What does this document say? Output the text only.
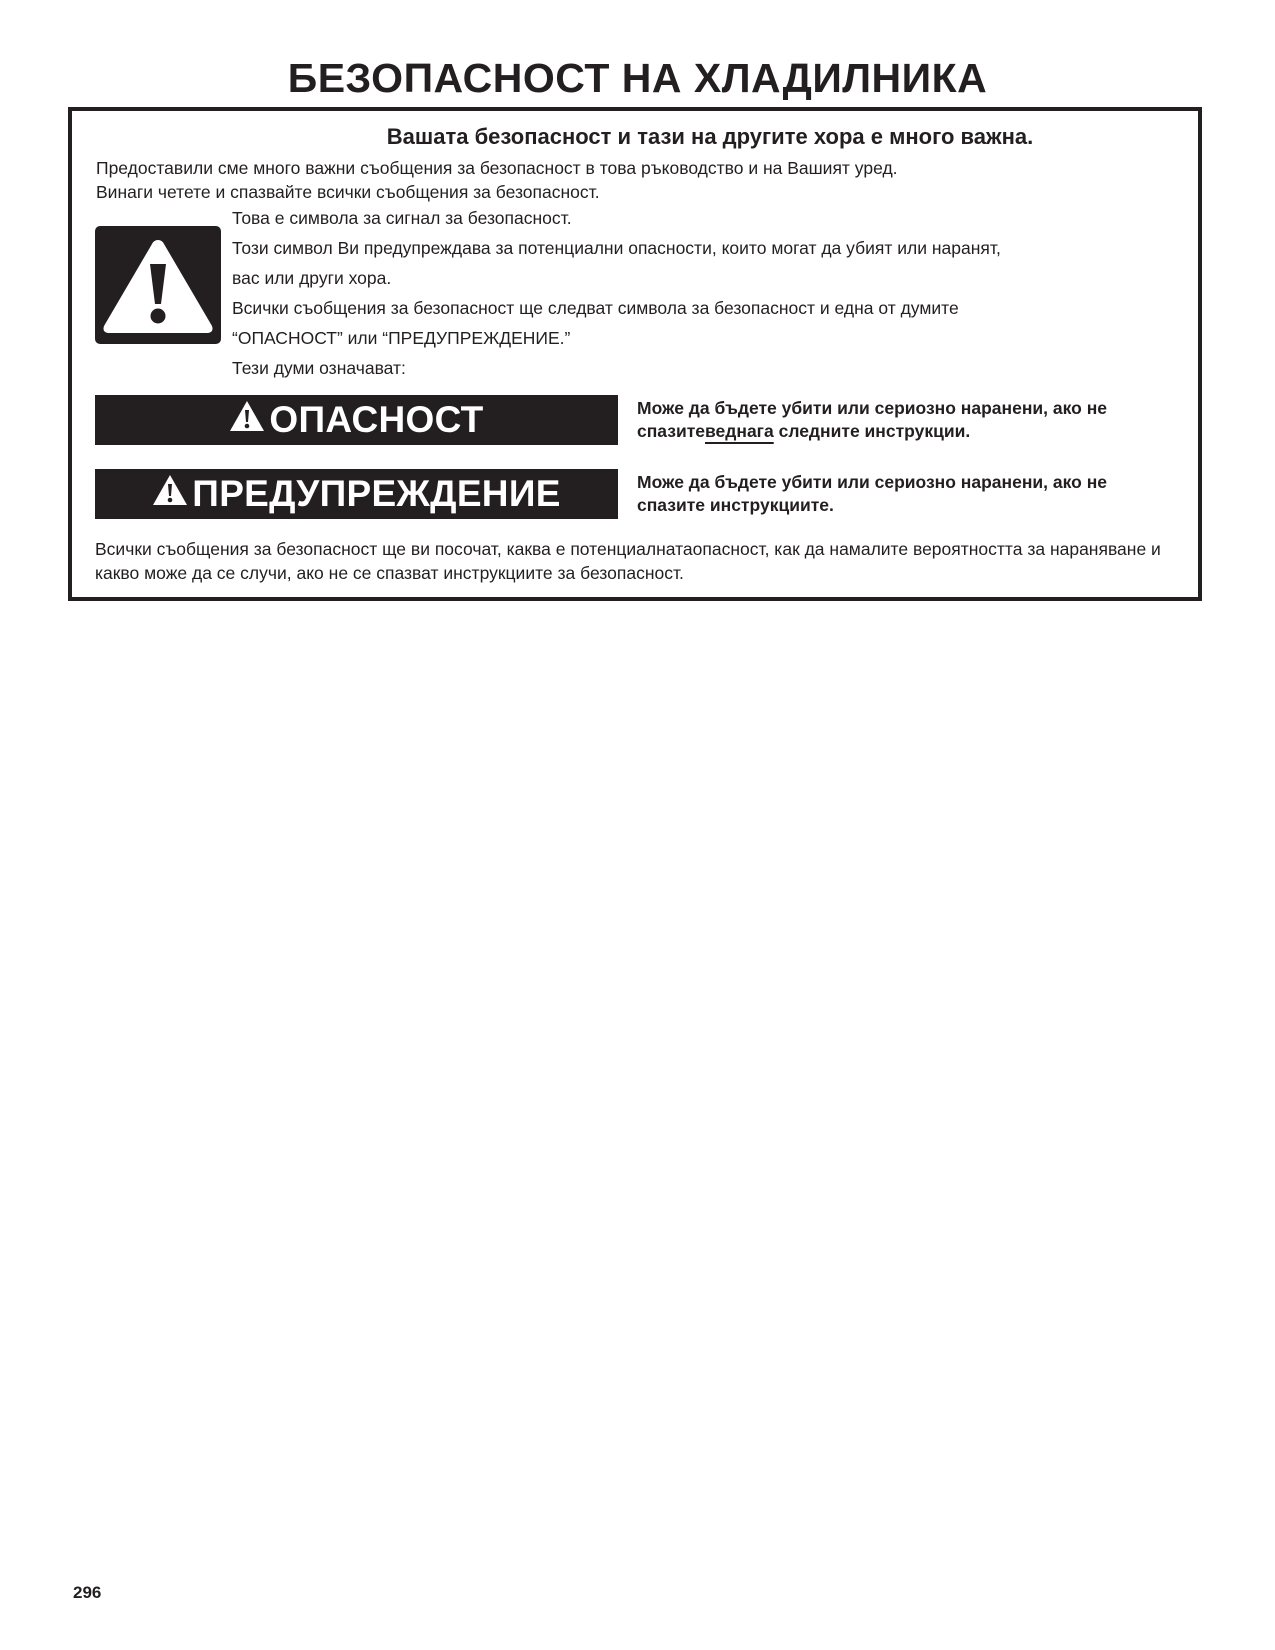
БЕЗОПАСНОСТ НА ХЛАДИЛНИКА
Вашата безопасност и тази на другите хора е много важна.
Предоставили сме много важни съобщения за безопасност в това ръководство и на Вашият уред.
Винаги четете и спазвайте всички съобщения за безопасност.
Това е символа за сигнал за безопасност.
Този символ Ви предупреждава за потенциални опасности, които могат да убият или наранят,
вас или други хора.
Всички съобщения за безопасност ще следват символа за безопасност и една от думите
“ОПАСНОСТ” или “ПРЕДУПРЕЖДЕНИЕ.”
Тези думи означават:
ОПАСНОСТ	Може да бъдете убити или сериозно наранени, ако не
спазитеведнага следните инструкции.
ПРЕДУПРЕЖДЕНИЕ	Може да бъдете убити или сериозно наранени, ако не
спазите инструкциите.
Всички съобщения за безопасност ще ви посочат, каква е потенциалнатаопасност, как да намалите вероятността за нараняване и какво може да се случи, ако не се спазват инструкциите за безопасност.
296
